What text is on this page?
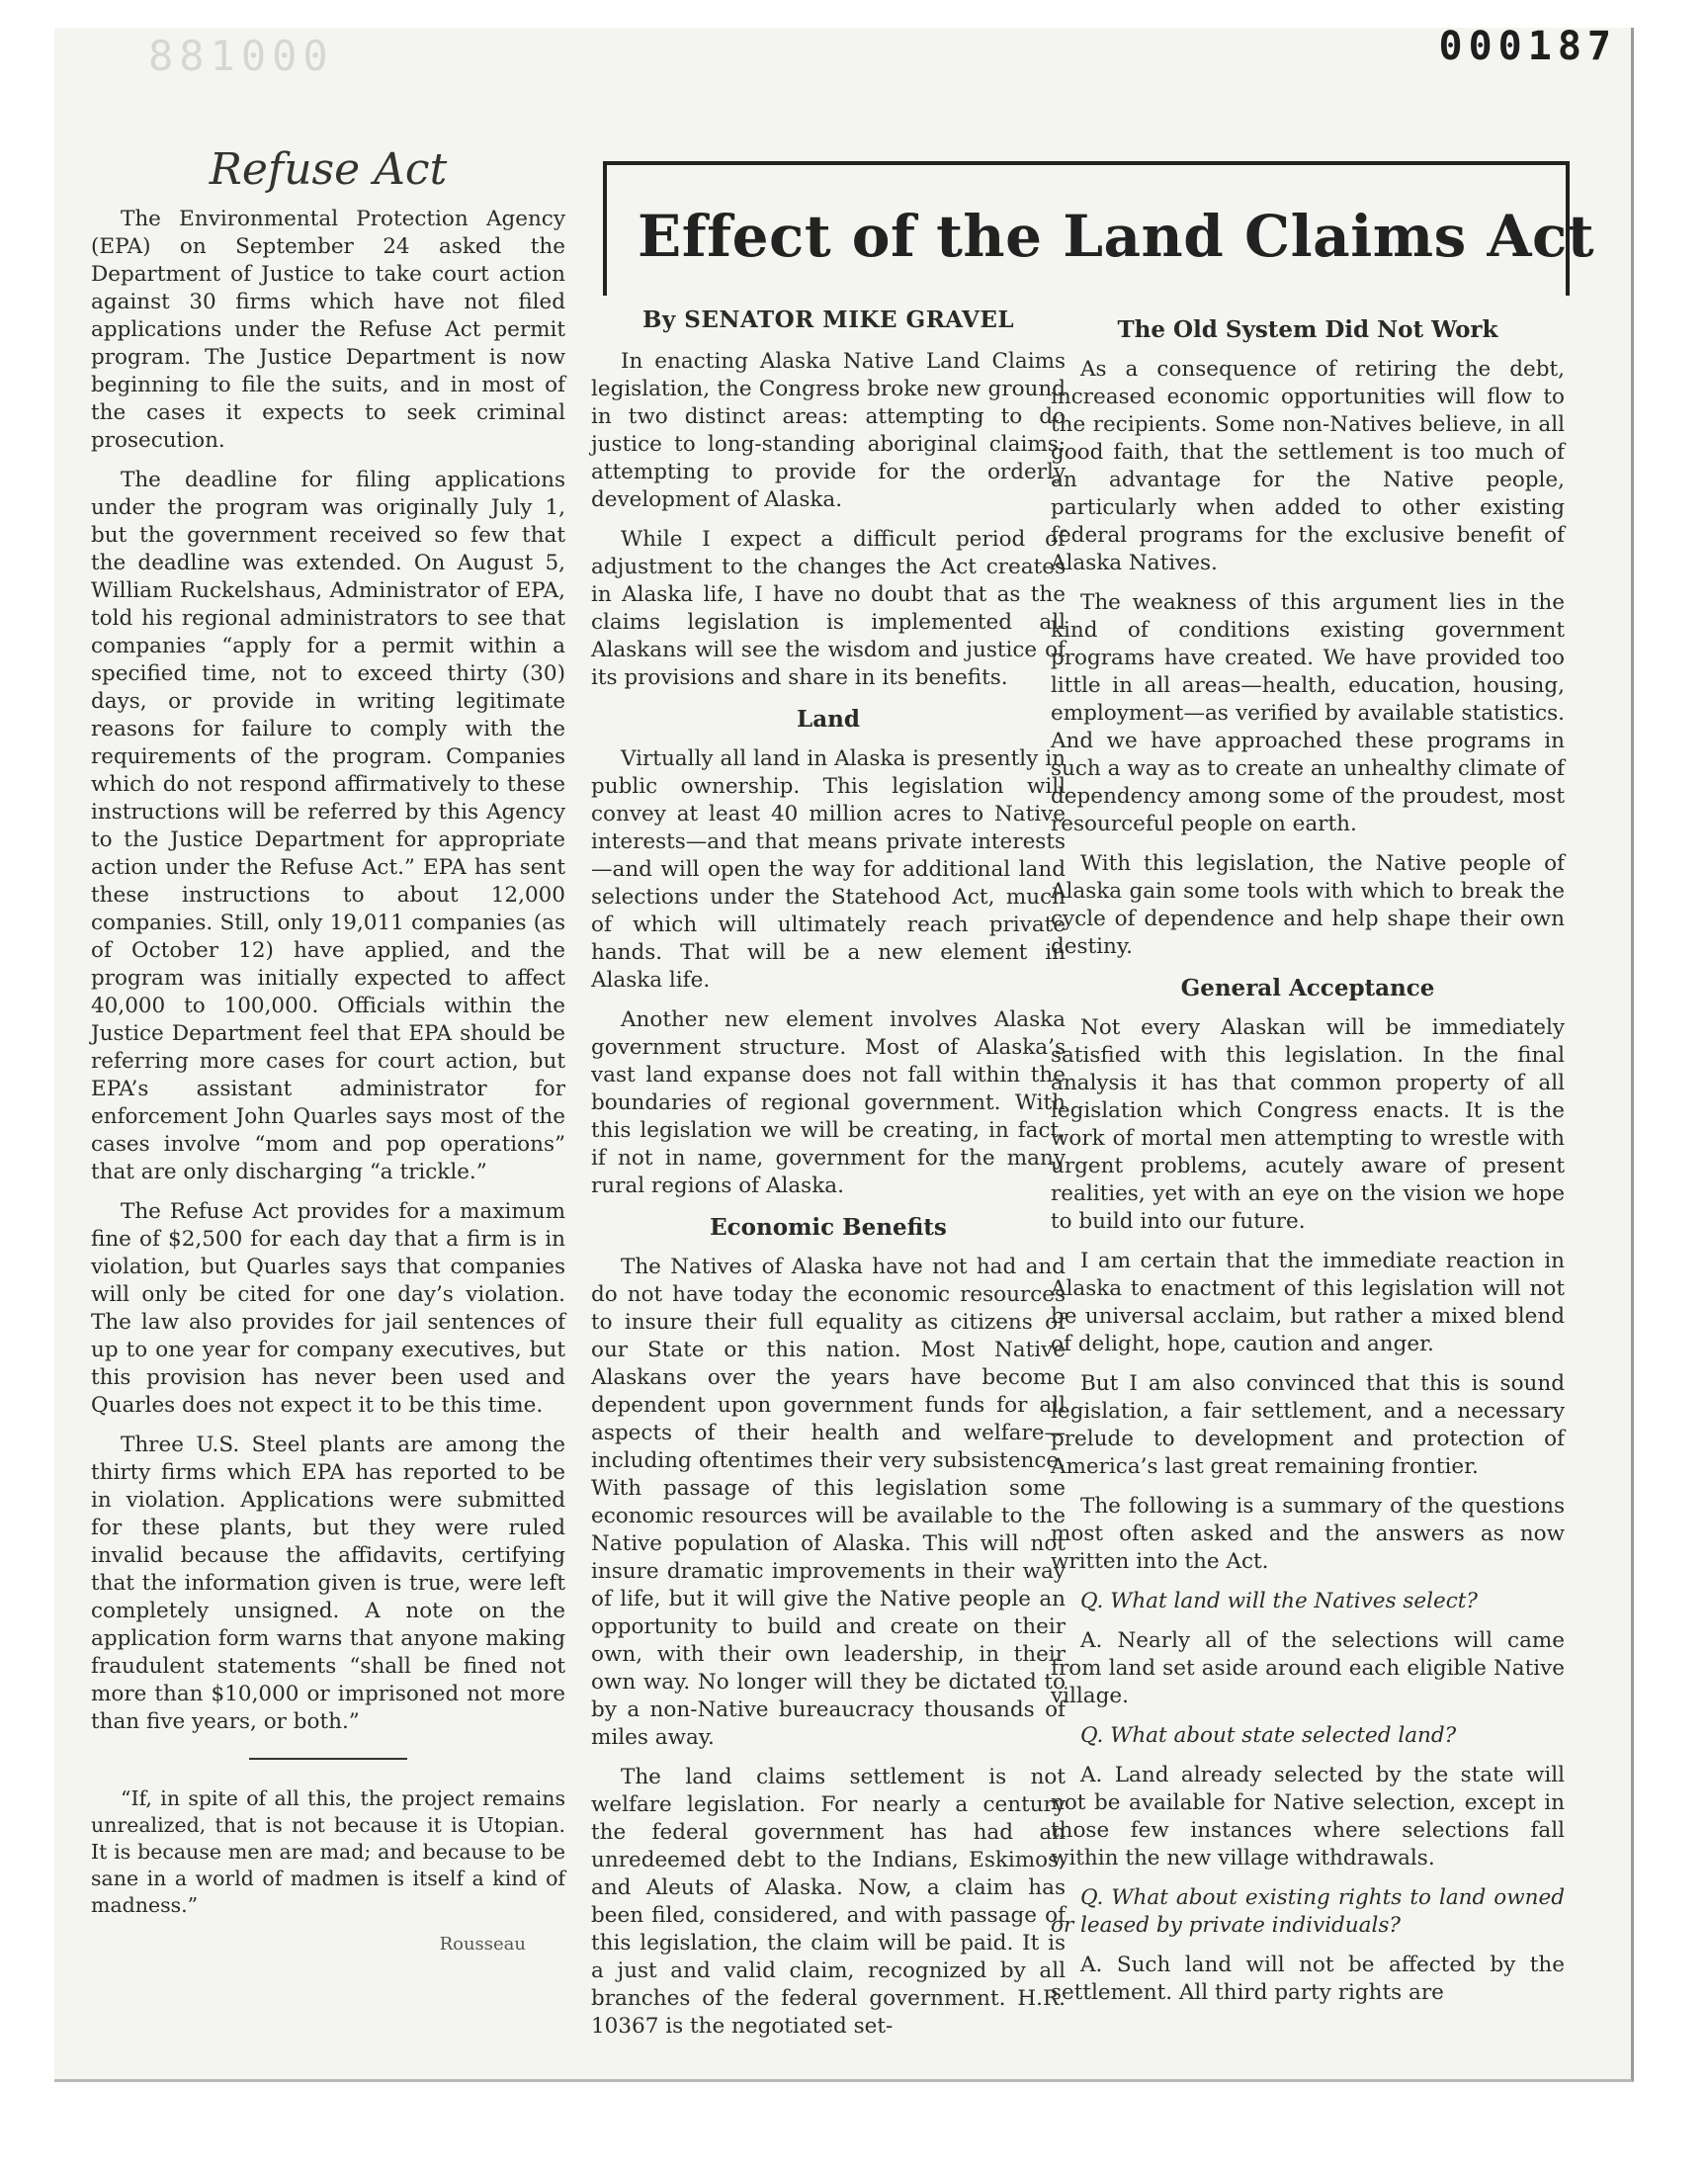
881000	000187
Refuse Act

The Environmental Protection Agency (EPA) on September 24 asked the Department of Justice to take court action against 30 firms which have not filed applications under the Refuse Act permit program. The Justice Department is now beginning to file the suits, and in most of the cases it expects to seek criminal prosecution.

The deadline for filing applications under the program was originally July 1, but the government received so few that the deadline was extended. On August 5, William Ruckelshaus, Administrator of EPA, told his regional administrators to see that companies “apply for a permit within a specified time, not to exceed thirty (30) days, or provide in writing legitimate reasons for failure to comply with the requirements of the program. Companies which do not respond affirmatively to these instructions will be referred by this Agency to the Justice Department for appropriate action under the Refuse Act.” EPA has sent these instructions to about 12,000 companies. Still, only 19,011 companies (as of October 12) have applied, and the program was initially expected to affect 40,000 to 100,000. Officials within the Justice Department feel that EPA should be referring more cases for court action, but EPA’s assistant administrator for enforcement John Quarles says most of the cases involve “mom and pop operations” that are only discharging “a trickle.”

The Refuse Act provides for a maximum fine of $2,500 for each day that a firm is in violation, but Quarles says that companies will only be cited for one day’s violation. The law also provides for jail sentences of up to one year for company executives, but this provision has never been used and Quarles does not expect it to be this time.

Three U.S. Steel plants are among the thirty firms which EPA has reported to be in violation. Applications were submitted for these plants, but they were ruled invalid because the affidavits, certifying that the information given is true, were left completely unsigned. A note on the application form warns that anyone making fraudulent statements “shall be fined not more than $10,000 or imprisoned not more than five years, or both.”

“If, in spite of all this, the project remains unrealized, that is not because it is Utopian. It is because men are mad; and because to be sane in a world of madmen is itself a kind of madness.”

Rousseau
Effect of the Land Claims Act
By SENATOR MIKE GRAVEL

In enacting Alaska Native Land Claims legislation, the Congress broke new ground in two distinct areas: attempting to do justice to long-standing aboriginal claims; attempting to provide for the orderly development of Alaska.

While I expect a difficult period of adjustment to the changes the Act creates in Alaska life, I have no doubt that as the claims legislation is implemented all Alaskans will see the wisdom and justice of its provisions and share in its benefits.

Land

Virtually all land in Alaska is presently in public ownership. This legislation will convey at least 40 million acres to Native interests—and that means private interests—and will open the way for additional land selections under the Statehood Act, much of which will ultimately reach private hands. That will be a new element in Alaska life.

Another new element involves Alaska government structure. Most of Alaska’s vast land expanse does not fall within the boundaries of regional government. With this legislation we will be creating, in fact, if not in name, government for the many rural regions of Alaska.

Economic Benefits

The Natives of Alaska have not had and do not have today the economic resources to insure their full equality as citizens of our State or this nation. Most Native Alaskans over the years have become dependent upon government funds for all aspects of their health and welfare—including oftentimes their very subsistence. With passage of this legislation some economic resources will be available to the Native population of Alaska. This will not insure dramatic improvements in their way of life, but it will give the Native people an opportunity to build and create on their own, with their own leadership, in their own way. No longer will they be dictated to by a non-Native bureaucracy thousands of miles away.

The land claims settlement is not welfare legislation. For nearly a century the federal government has had an unredeemed debt to the Indians, Eskimos, and Aleuts of Alaska. Now, a claim has been filed, considered, and with passage of this legislation, the claim will be paid. It is a just and valid claim, recognized by all branches of the federal government. H.R. 10367 is the negotiated set-

The Old System Did Not Work

As a consequence of retiring the debt, increased economic opportunities will flow to the recipients. Some non-Natives believe, in all good faith, that the settlement is too much of an advantage for the Native people, particularly when added to other existing federal programs for the exclusive benefit of Alaska Natives.

The weakness of this argument lies in the kind of conditions existing government programs have created. We have provided too little in all areas—health, education, housing, employment—as verified by available statistics. And we have approached these programs in such a way as to create an unhealthy climate of dependency among some of the proudest, most resourceful people on earth.

With this legislation, the Native people of Alaska gain some tools with which to break the cycle of dependence and help shape their own destiny.

General Acceptance

Not every Alaskan will be immediately satisfied with this legislation. In the final analysis it has that common property of all legislation which Congress enacts. It is the work of mortal men attempting to wrestle with urgent problems, acutely aware of present realities, yet with an eye on the vision we hope to build into our future.

I am certain that the immediate reaction in Alaska to enactment of this legislation will not be universal acclaim, but rather a mixed blend of delight, hope, caution and anger.

But I am also convinced that this is sound legislation, a fair settlement, and a necessary prelude to development and protection of America’s last great remaining frontier.

The following is a summary of the questions most often asked and the answers as now written into the Act.

Q. What land will the Natives select?

A. Nearly all of the selections will came from land set aside around each eligible Native village.

Q. What about state selected land?

A. Land already selected by the state will not be available for Native selection, except in those few instances where selections fall within the new village withdrawals.

Q. What about existing rights to land owned or leased by private individuals?

A. Such land will not be affected by the settlement. All third party rights are
